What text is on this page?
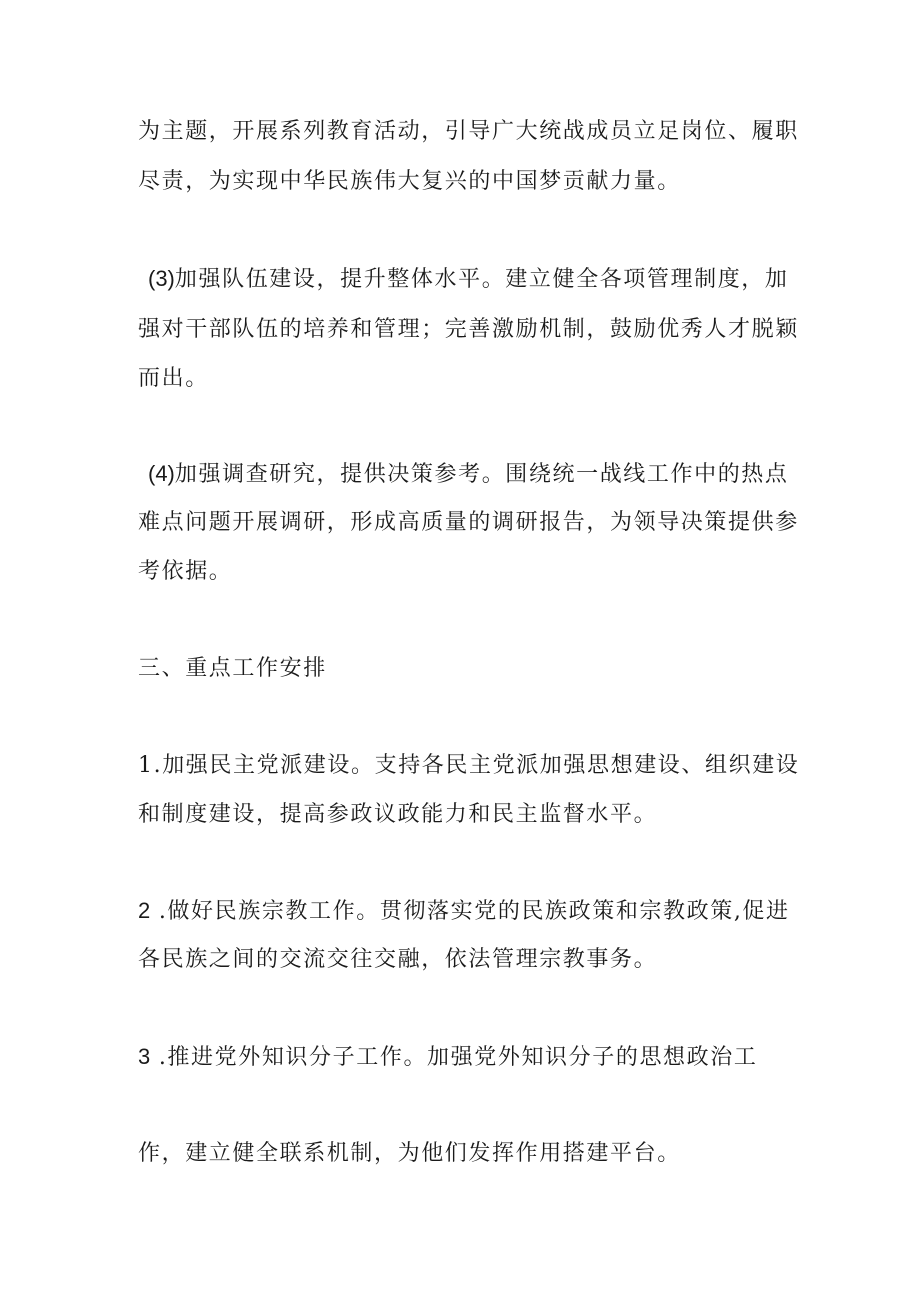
为主题，开展系列教育活动，引导广大统战成员立足岗位、履职
尽责，为实现中华民族伟大复兴的中国梦贡献力量。
(3)加强队伍建设，提升整体水平。建立健全各项管理制度，加
强对干部队伍的培养和管理；完善激励机制，鼓励优秀人才脱颖
而出。
(4)加强调查研究，提供决策参考。围绕统一战线工作中的热点
难点问题开展调研，形成高质量的调研报告，为领导决策提供参
考依据。
三、重点工作安排
1.加强民主党派建设。支持各民主党派加强思想建设、组织建设
和制度建设，提高参政议政能力和民主监督水平。
2 .做好民族宗教工作。贯彻落实党的民族政策和宗教政策,促进
各民族之间的交流交往交融，依法管理宗教事务。
3 .推进党外知识分子工作。加强党外知识分子的思想政治工
作，建立健全联系机制，为他们发挥作用搭建平台。
